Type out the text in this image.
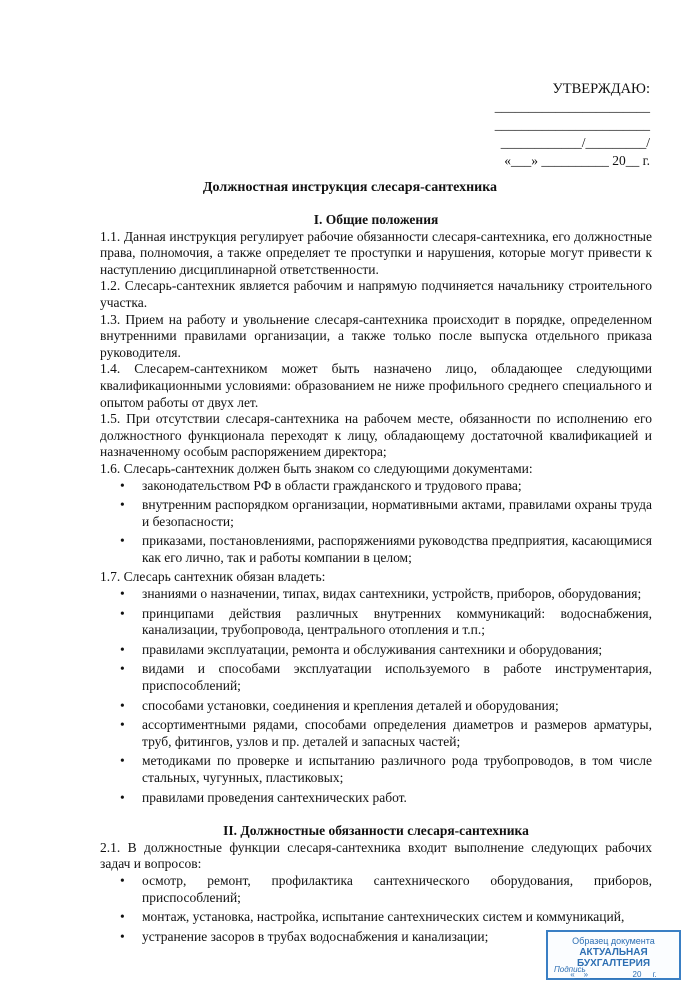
УТВЕРЖДАЮ:
_______________________
_______________________
____________/_________/
«___» __________ 20__ г.
Должностная инструкция слесаря-сантехника

I. Общие положения

1.1. Данная инструкция регулирует рабочие обязанности слесаря-сантехника, его должностные права, полномочия, а также определяет те проступки и нарушения, которые могут привести к наступлению дисциплинарной ответственности.

1.2. Слесарь-сантехник является рабочим и напрямую подчиняется начальнику строительного участка.

1.3. Прием на работу и увольнение слесаря-сантехника происходит в порядке, определенном внутренними правилами организации, а также только после выпуска отдельного приказа руководителя.

1.4. Слесарем-сантехником может быть назначено лицо, обладающее следующими квалификационными условиями: образованием не ниже профильного среднего специального и опытом работы от двух лет.

1.5. При отсутствии слесаря-сантехника на рабочем месте, обязанности по исполнению его должностного функционала переходят к лицу, обладающему достаточной квалификацией и назначенному особым распоряжением директора;

1.6. Слесарь-сантехник должен быть знаком со следующими документами:

• законодательством РФ в области гражданского и трудового права;
• внутренним распорядком организации, нормативными актами, правилами охраны труда и безопасности;
• приказами, постановлениями, распоряжениями руководства предприятия, касающимися как его лично, так и работы компании в целом;

1.7. Слесарь сантехник обязан владеть:

• знаниями о назначении, типах, видах сантехники, устройств, приборов, оборудования;
• принципами действия различных внутренних коммуникаций: водоснабжения, канализации, трубопровода, центрального отопления и т.п.;
• правилами эксплуатации, ремонта и обслуживания сантехники и оборудования;
• видами и способами эксплуатации используемого в работе инструментария, приспособлений;
• способами установки, соединения и крепления деталей и оборудования;
• ассортиментными рядами, способами определения диаметров и размеров арматуры, труб, фитингов, узлов и пр. деталей и запасных частей;
• методиками по проверке и испытанию различного рода трубопроводов, в том числе стальных, чугунных, пластиковых;
• правилами проведения сантехнических работ.

II. Должностные обязанности слесаря-сантехника

2.1. В должностные функции слесаря-сантехника входит выполнение следующих рабочих задач и вопросов:

• осмотр, ремонт, профилактика сантехнического оборудования, приборов, приспособлений;
• монтаж, установка, настройка, испытание сантехнических систем и коммуникаций,
• устранение засоров в трубах водоснабжения и канализации;	Образец документа
АКТУАЛЬНАЯ БУХГАЛТЕРИЯ
«__» _________ 20__ г.
Подпись
